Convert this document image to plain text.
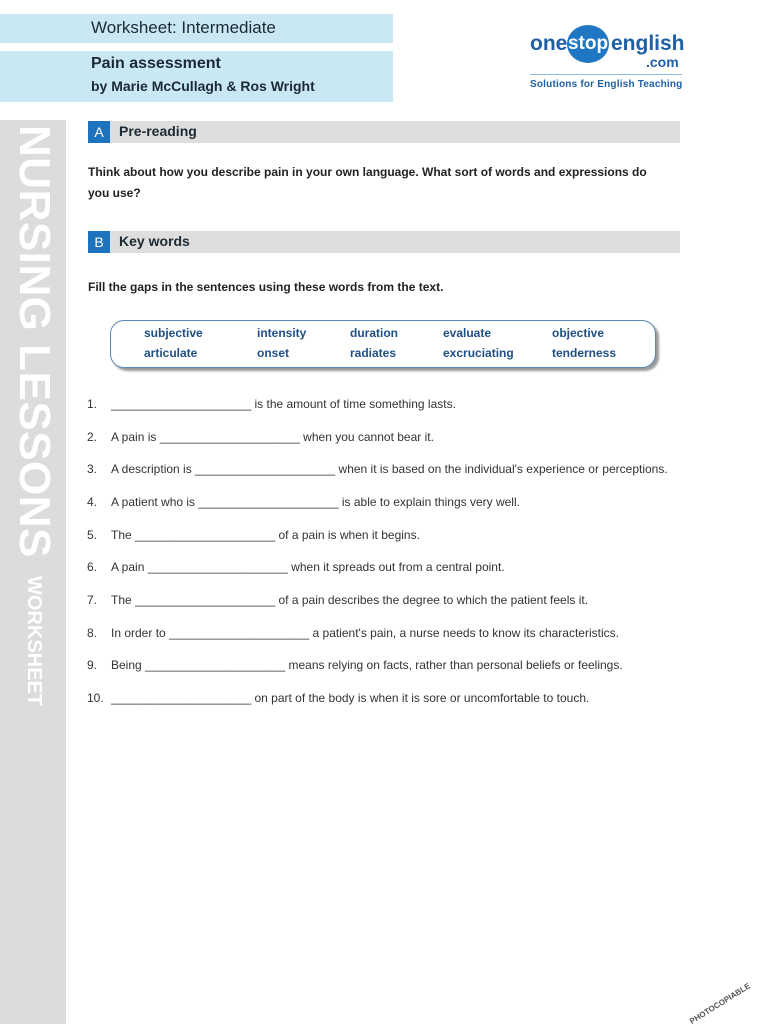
Worksheet: Intermediate
Pain assessment
by Marie McCullagh & Ros Wright
one stop english
.com
Solutions for English Teaching
NURSING LESSONS WORKSHEET
A	Pre-reading
Think about how you describe pain in your own language. What sort of words and expressions do you use?
B	Key words
Fill the gaps in the sentences using these words from the text.
subjective	intensity	duration	evaluate	objective
articulate	onset	radiates	excruciating	tenderness
1. _____________________ is the amount of time something lasts.
2. A pain is _____________________ when you cannot bear it.
3. A description is _____________________ when it is based on the individual's experience or perceptions.
4. A patient who is _____________________ is able to explain things very well.
5. The _____________________ of a pain is when it begins.
6. A pain _____________________ when it spreads out from a central point.
7. The _____________________ of a pain describes the degree to which the patient feels it.
8. In order to _____________________ a patient's pain, a nurse needs to know its characteristics.
9. Being _____________________ means relying on facts, rather than personal beliefs or feelings.
10. _____________________ on part of the body is when it is sore or uncomfortable to touch.
PHOTOCOPIABLE
